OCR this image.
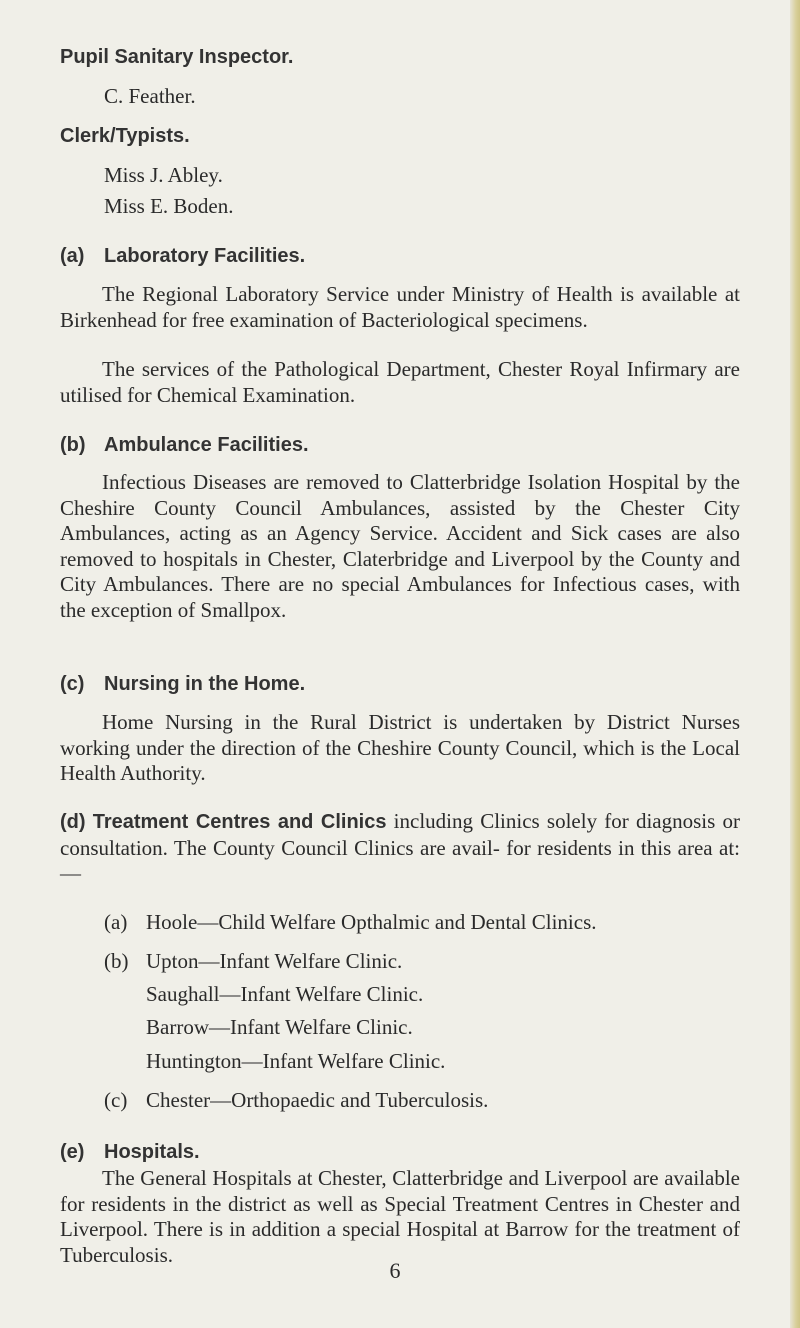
Pupil Sanitary Inspector.
C. Feather.
Clerk/Typists.
Miss J. Abley.
Miss E. Boden.
(a) Laboratory Facilities.
The Regional Laboratory Service under Ministry of Health is available at Birkenhead for free examination of Bacteriological specimens.
The services of the Pathological Department, Chester Royal Infirmary are utilised for Chemical Examination.
(b) Ambulance Facilities.
Infectious Diseases are removed to Clatterbridge Isolation Hospital by the Cheshire County Council Ambulances, assisted by the Chester City Ambulances, acting as an Agency Service. Accident and Sick cases are also removed to hospitals in Chester, Claterbridge and Liverpool by the County and City Ambulances. There are no special Ambulances for Infectious cases, with the exception of Smallpox.
(c) Nursing in the Home.
Home Nursing in the Rural District is undertaken by District Nurses working under the direction of the Cheshire County Council, which is the Local Health Authority.
(d) Treatment Centres and Clinics including Clinics solely for diagnosis or consultation. The County Council Clinics are avail- for residents in this area at: —
(a) Hoole—Child Welfare Opthalmic and Dental Clinics.
(b) Upton—Infant Welfare Clinic.
Saughall—Infant Welfare Clinic.
Barrow—Infant Welfare Clinic.
Huntington—Infant Welfare Clinic.
(c) Chester—Orthopaedic and Tuberculosis.
(e) Hospitals.
The General Hospitals at Chester, Clatterbridge and Liverpool are available for residents in the district as well as Special Treatment Centres in Chester and Liverpool. There is in addition a special Hospital at Barrow for the treatment of Tuberculosis.
6
